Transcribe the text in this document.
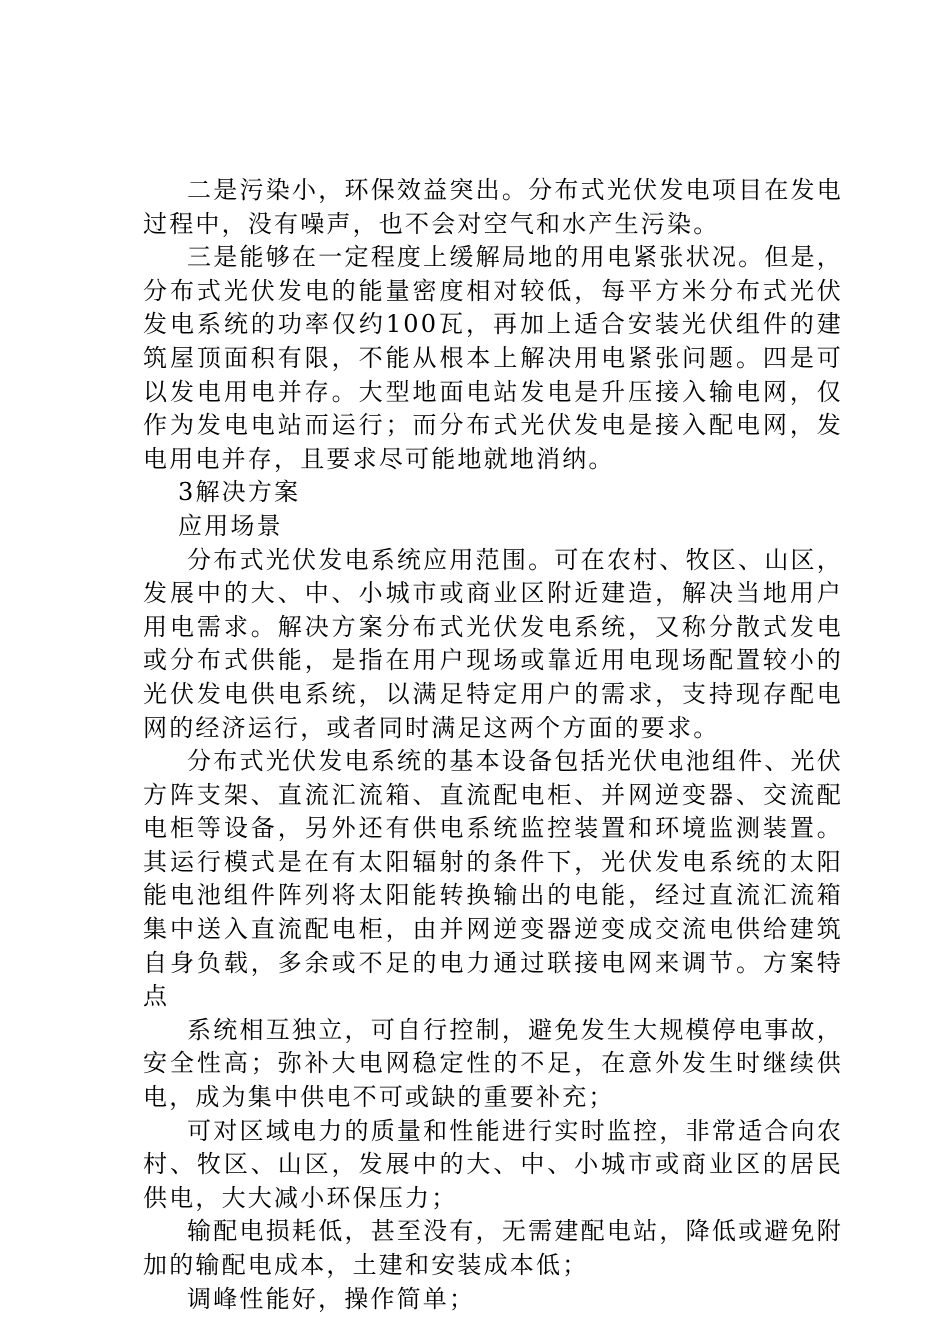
二是污染小，环保效益突出。分布式光伏发电项目在发电过程中，没有噪声，也不会对空气和水产生污染。

三是能够在一定程度上缓解局地的用电紧张状况。但是，分布式光伏发电的能量密度相对较低，每平方米分布式光伏发电系统的功率仅约100瓦，再加上适合安装光伏组件的建筑屋顶面积有限，不能从根本上解决用电紧张问题。四是可以发电用电并存。大型地面电站发电是升压接入输电网，仅作为发电电站而运行；而分布式光伏发电是接入配电网，发电用电并存，且要求尽可能地就地消纳。

3解决方案

应用场景

分布式光伏发电系统应用范围。可在农村、牧区、山区，发展中的大、中、小城市或商业区附近建造，解决当地用户用电需求。解决方案分布式光伏发电系统，又称分散式发电或分布式供能，是指在用户现场或靠近用电现场配置较小的光伏发电供电系统，以满足特定用户的需求，支持现存配电网的经济运行，或者同时满足这两个方面的要求。

分布式光伏发电系统的基本设备包括光伏电池组件、光伏方阵支架、直流汇流箱、直流配电柜、并网逆变器、交流配电柜等设备，另外还有供电系统监控装置和环境监测装置。其运行模式是在有太阳辐射的条件下，光伏发电系统的太阳能电池组件阵列将太阳能转换输出的电能，经过直流汇流箱集中送入直流配电柜，由并网逆变器逆变成交流电供给建筑自身负载，多余或不足的电力通过联接电网来调节。方案特点

系统相互独立，可自行控制，避免发生大规模停电事故，安全性高；弥补大电网稳定性的不足，在意外发生时继续供电，成为集中供电不可或缺的重要补充；

可对区域电力的质量和性能进行实时监控，非常适合向农村、牧区、山区，发展中的大、中、小城市或商业区的居民供电，大大减小环保压力；

输配电损耗低，甚至没有，无需建配电站，降低或避免附加的输配电成本，土建和安装成本低；

调峰性能好，操作简单；
